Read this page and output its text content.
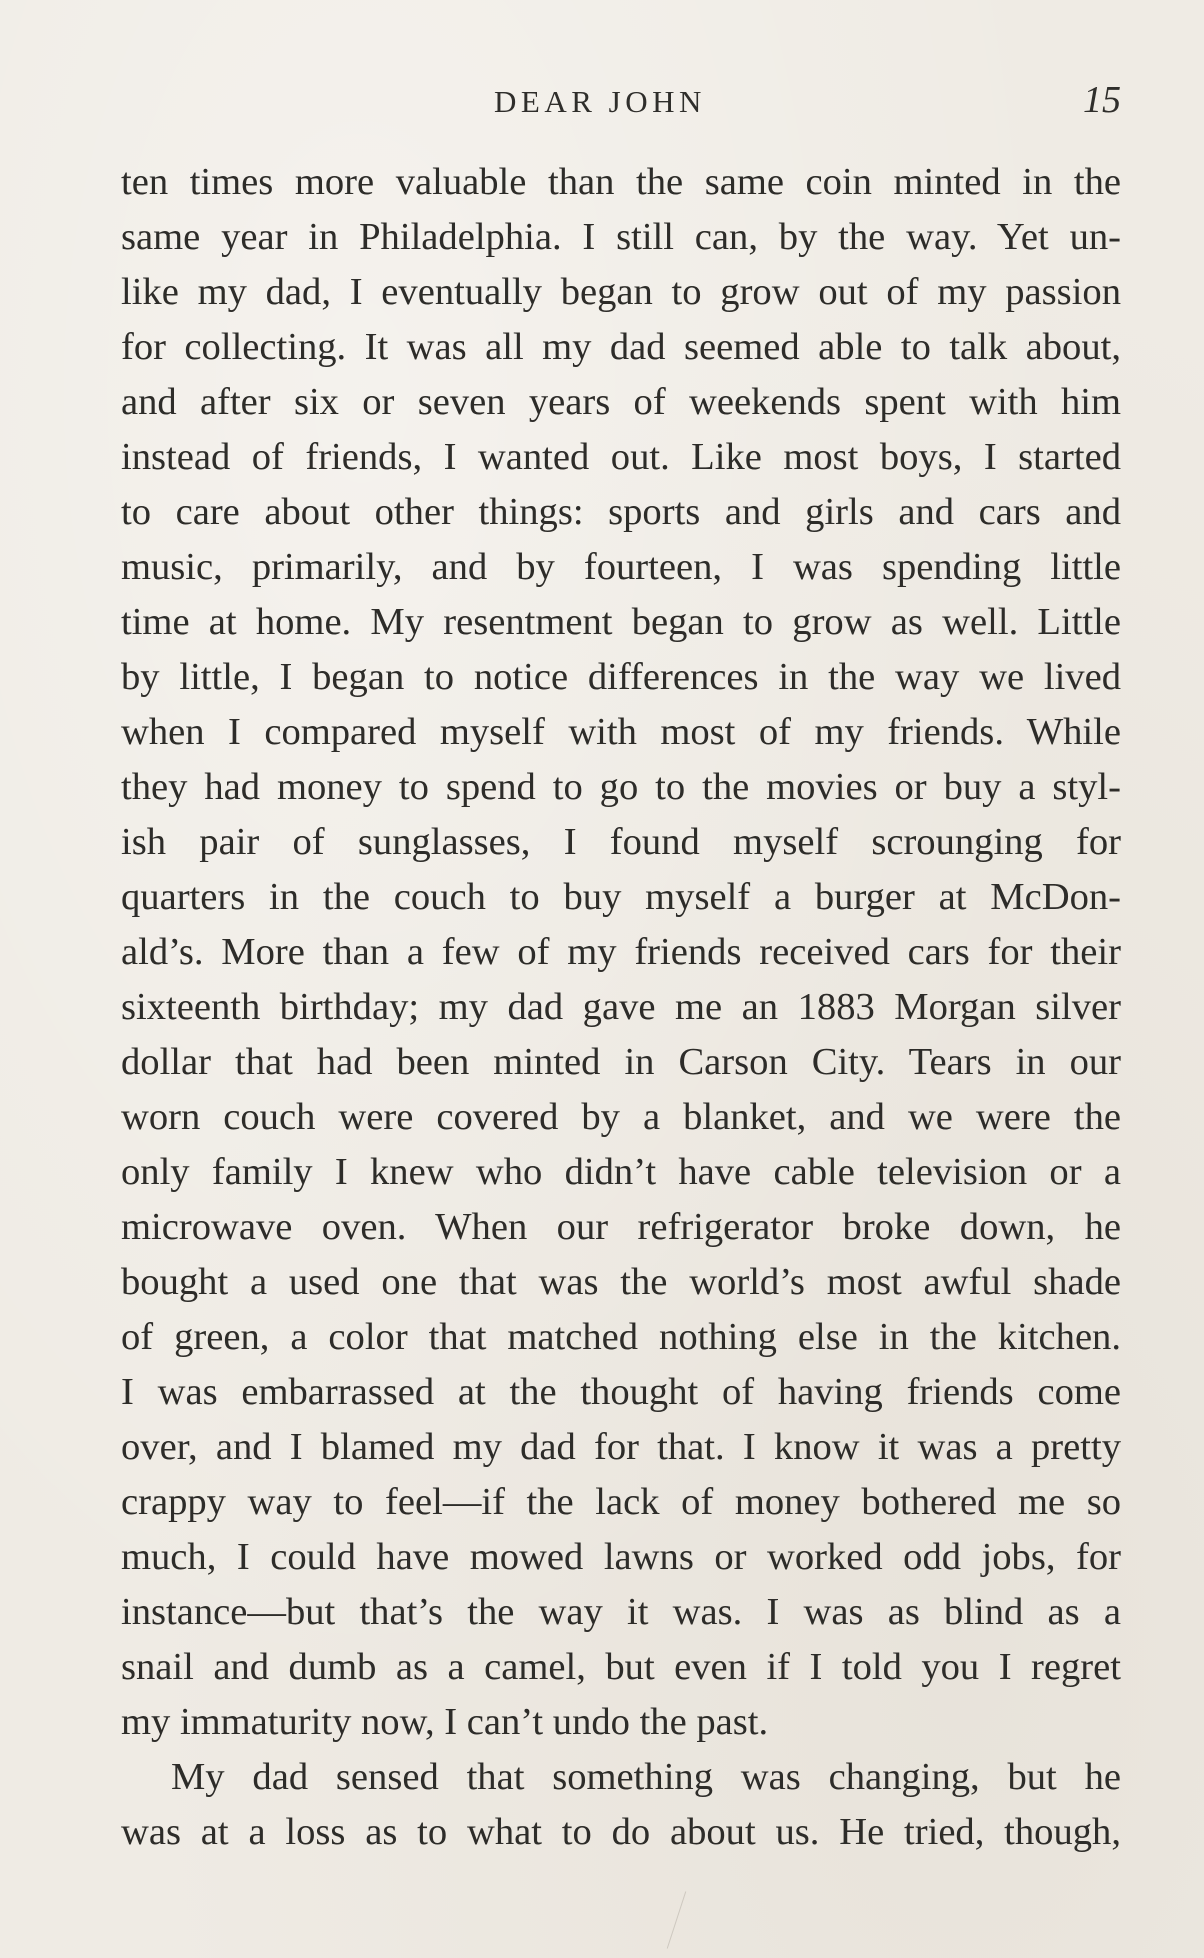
DEAR JOHN	15
ten times more valuable than the same coin minted in the
same year in Philadelphia. I still can, by the way. Yet un-
like my dad, I eventually began to grow out of my passion
for collecting. It was all my dad seemed able to talk about,
and after six or seven years of weekends spent with him
instead of friends, I wanted out. Like most boys, I started
to care about other things: sports and girls and cars and
music, primarily, and by fourteen, I was spending little
time at home. My resentment began to grow as well. Little
by little, I began to notice differences in the way we lived
when I compared myself with most of my friends. While
they had money to spend to go to the movies or buy a styl-
ish pair of sunglasses, I found myself scrounging for
quarters in the couch to buy myself a burger at McDon-
ald’s. More than a few of my friends received cars for their
sixteenth birthday; my dad gave me an 1883 Morgan silver
dollar that had been minted in Carson City. Tears in our
worn couch were covered by a blanket, and we were the
only family I knew who didn’t have cable television or a
microwave oven. When our refrigerator broke down, he
bought a used one that was the world’s most awful shade
of green, a color that matched nothing else in the kitchen.
I was embarrassed at the thought of having friends come
over, and I blamed my dad for that. I know it was a pretty
crappy way to feel—if the lack of money bothered me so
much, I could have mowed lawns or worked odd jobs, for
instance—but that’s the way it was. I was as blind as a
snail and dumb as a camel, but even if I told you I regret
my immaturity now, I can’t undo the past.
My dad sensed that something was changing, but he
was at a loss as to what to do about us. He tried, though,
